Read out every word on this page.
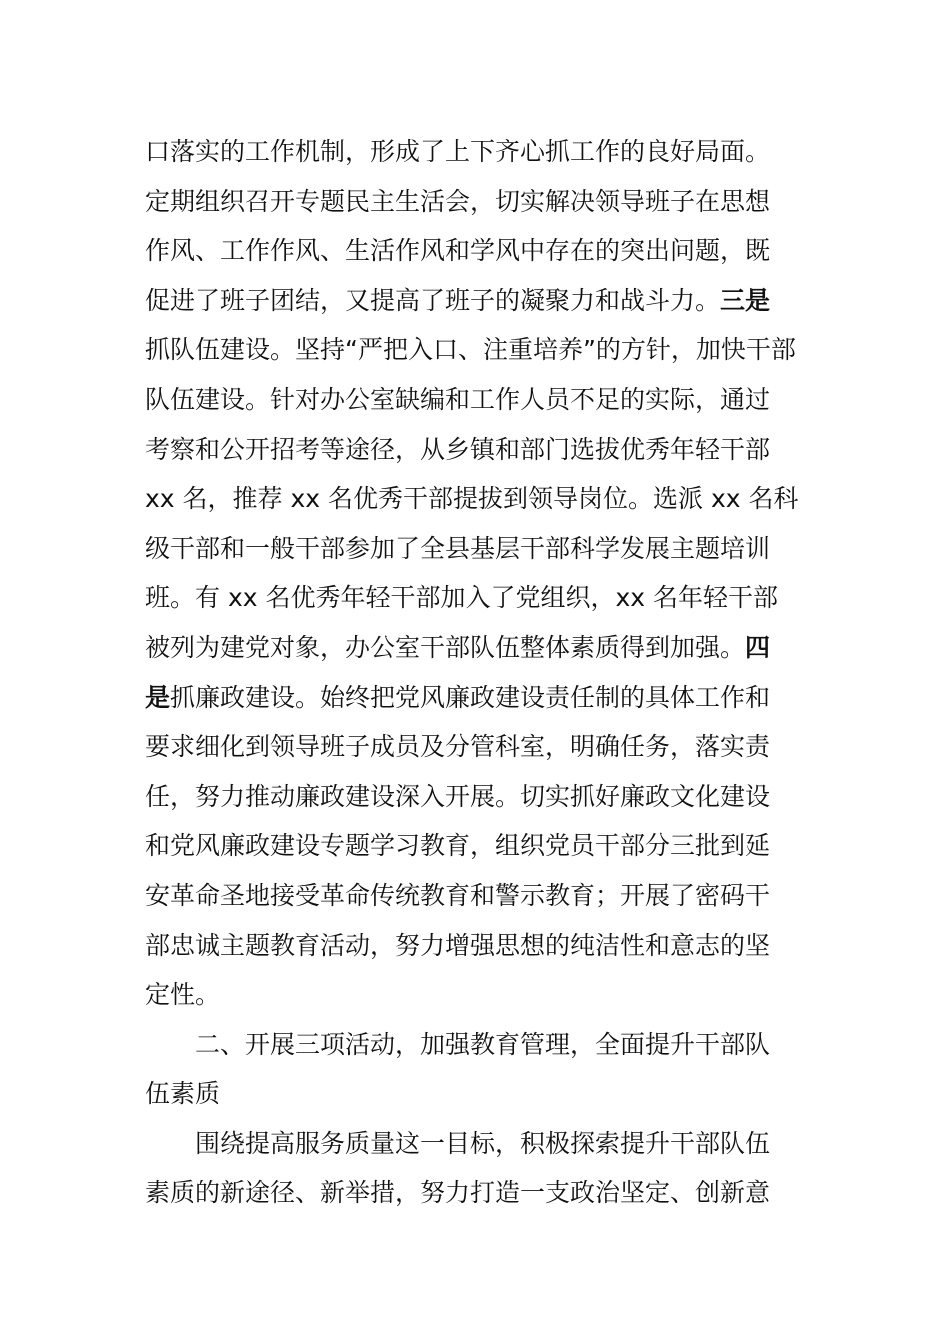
口落实的工作机制，形成了上下齐心抓工作的良好局面。
定期组织召开专题民主生活会，切实解决领导班子在思想
作风、工作作风、生活作风和学风中存在的突出问题，既
促进了班子团结，又提高了班子的凝聚力和战斗力。三是
抓队伍建设。坚持“严把入口、注重培养”的方针，加快干部
队伍建设。针对办公室缺编和工作人员不足的实际，通过
考察和公开招考等途径，从乡镇和部门选拔优秀年轻干部
xx 名，推荐 xx 名优秀干部提拔到领导岗位。选派 xx 名科
级干部和一般干部参加了全县基层干部科学发展主题培训
班。有 xx 名优秀年轻干部加入了党组织，xx 名年轻干部
被列为建党对象，办公室干部队伍整体素质得到加强。四
是抓廉政建设。始终把党风廉政建设责任制的具体工作和
要求细化到领导班子成员及分管科室，明确任务，落实责
任，努力推动廉政建设深入开展。切实抓好廉政文化建设
和党风廉政建设专题学习教育，组织党员干部分三批到延
安革命圣地接受革命传统教育和警示教育；开展了密码干
部忠诚主题教育活动，努力增强思想的纯洁性和意志的坚
定性。
二、开展三项活动，加强教育管理，全面提升干部队
伍素质
围绕提高服务质量这一目标，积极探索提升干部队伍
素质的新途径、新举措，努力打造一支政治坚定、创新意
